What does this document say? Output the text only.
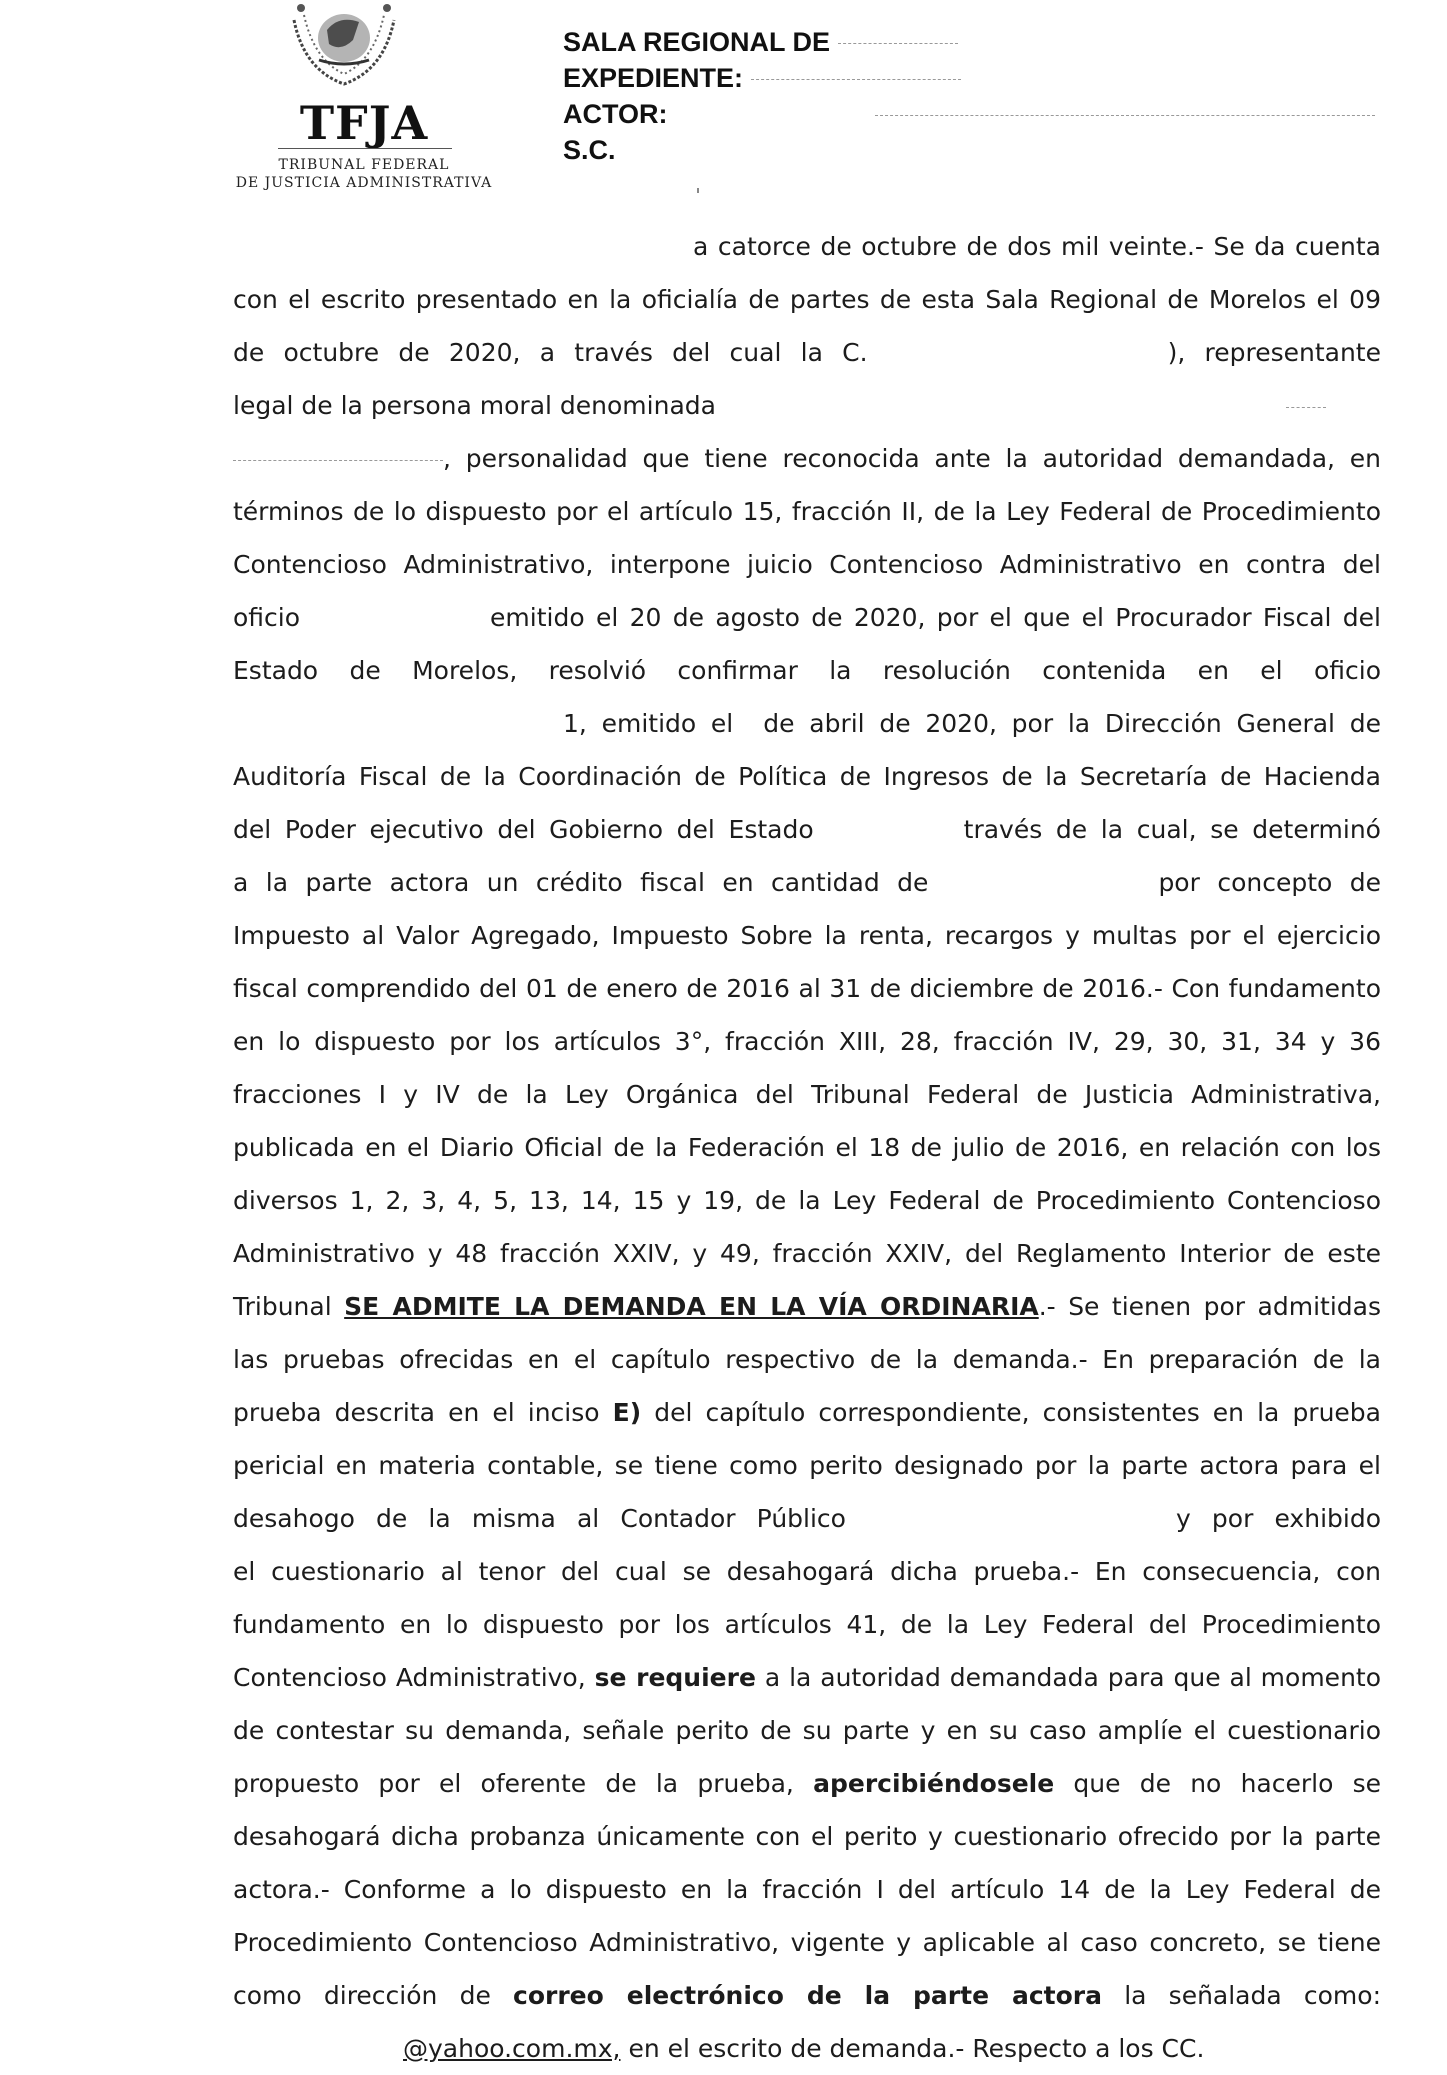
TFJA
TRIBUNAL FEDERAL
DE JUSTICIA ADMINISTRATIVA
SALA REGIONAL DE
EXPEDIENTE:
ACTOR:
S.C.
a catorce de octubre de dos mil veinte.- Se da cuenta
con el escrito presentado en la oficialía de partes de esta Sala Regional de Morelos el 09
de octubre de 2020, a través del cual la C.	), representante
legal de la persona moral denominada
, personalidad que tiene reconocida ante la autoridad demandada, en
términos de lo dispuesto por el artículo 15, fracción II, de la Ley Federal de Procedimiento
Contencioso Administrativo, interpone juicio Contencioso Administrativo en contra del
oficio	emitido el 20 de agosto de 2020, por el que el Procurador Fiscal del
Estado de Morelos, resolvió confirmar la resolución contenida en el oficio
1, emitido el de abril de 2020, por la Dirección General de
Auditoría Fiscal de la Coordinación de Política de Ingresos de la Secretaría de Hacienda
del Poder ejecutivo del Gobierno del Estado	través de la cual, se determinó
a la parte actora un crédito fiscal en cantidad de	por concepto de
Impuesto al Valor Agregado, Impuesto Sobre la renta, recargos y multas por el ejercicio
fiscal comprendido del 01 de enero de 2016 al 31 de diciembre de 2016.- Con fundamento
en lo dispuesto por los artículos 3°, fracción XIII, 28, fracción IV, 29, 30, 31, 34 y 36
fracciones I y IV de la Ley Orgánica del Tribunal Federal de Justicia Administrativa,
publicada en el Diario Oficial de la Federación el 18 de julio de 2016, en relación con los
diversos 1, 2, 3, 4, 5, 13, 14, 15 y 19, de la Ley Federal de Procedimiento Contencioso
Administrativo y 48 fracción XXIV, y 49, fracción XXIV, del Reglamento Interior de este
Tribunal SE ADMITE LA DEMANDA EN LA VÍA ORDINARIA.- Se tienen por admitidas
las pruebas ofrecidas en el capítulo respectivo de la demanda.- En preparación de la
prueba descrita en el inciso E) del capítulo correspondiente, consistentes en la prueba
pericial en materia contable, se tiene como perito designado por la parte actora para el
desahogo de la misma al Contador Público	y por exhibido
el cuestionario al tenor del cual se desahogará dicha prueba.- En consecuencia, con
fundamento en lo dispuesto por los artículos 41, de la Ley Federal del Procedimiento
Contencioso Administrativo, se requiere a la autoridad demandada para que al momento
de contestar su demanda, señale perito de su parte y en su caso amplíe el cuestionario
propuesto por el oferente de la prueba, apercibiéndosele que de no hacerlo se
desahogará dicha probanza únicamente con el perito y cuestionario ofrecido por la parte
actora.- Conforme a lo dispuesto en la fracción I del artículo 14 de la Ley Federal de
Procedimiento Contencioso Administrativo, vigente y aplicable al caso concreto, se tiene
como dirección de correo electrónico de la parte actora la señalada como:
@yahoo.com.mx, en el escrito de demanda.- Respecto a los CC.
